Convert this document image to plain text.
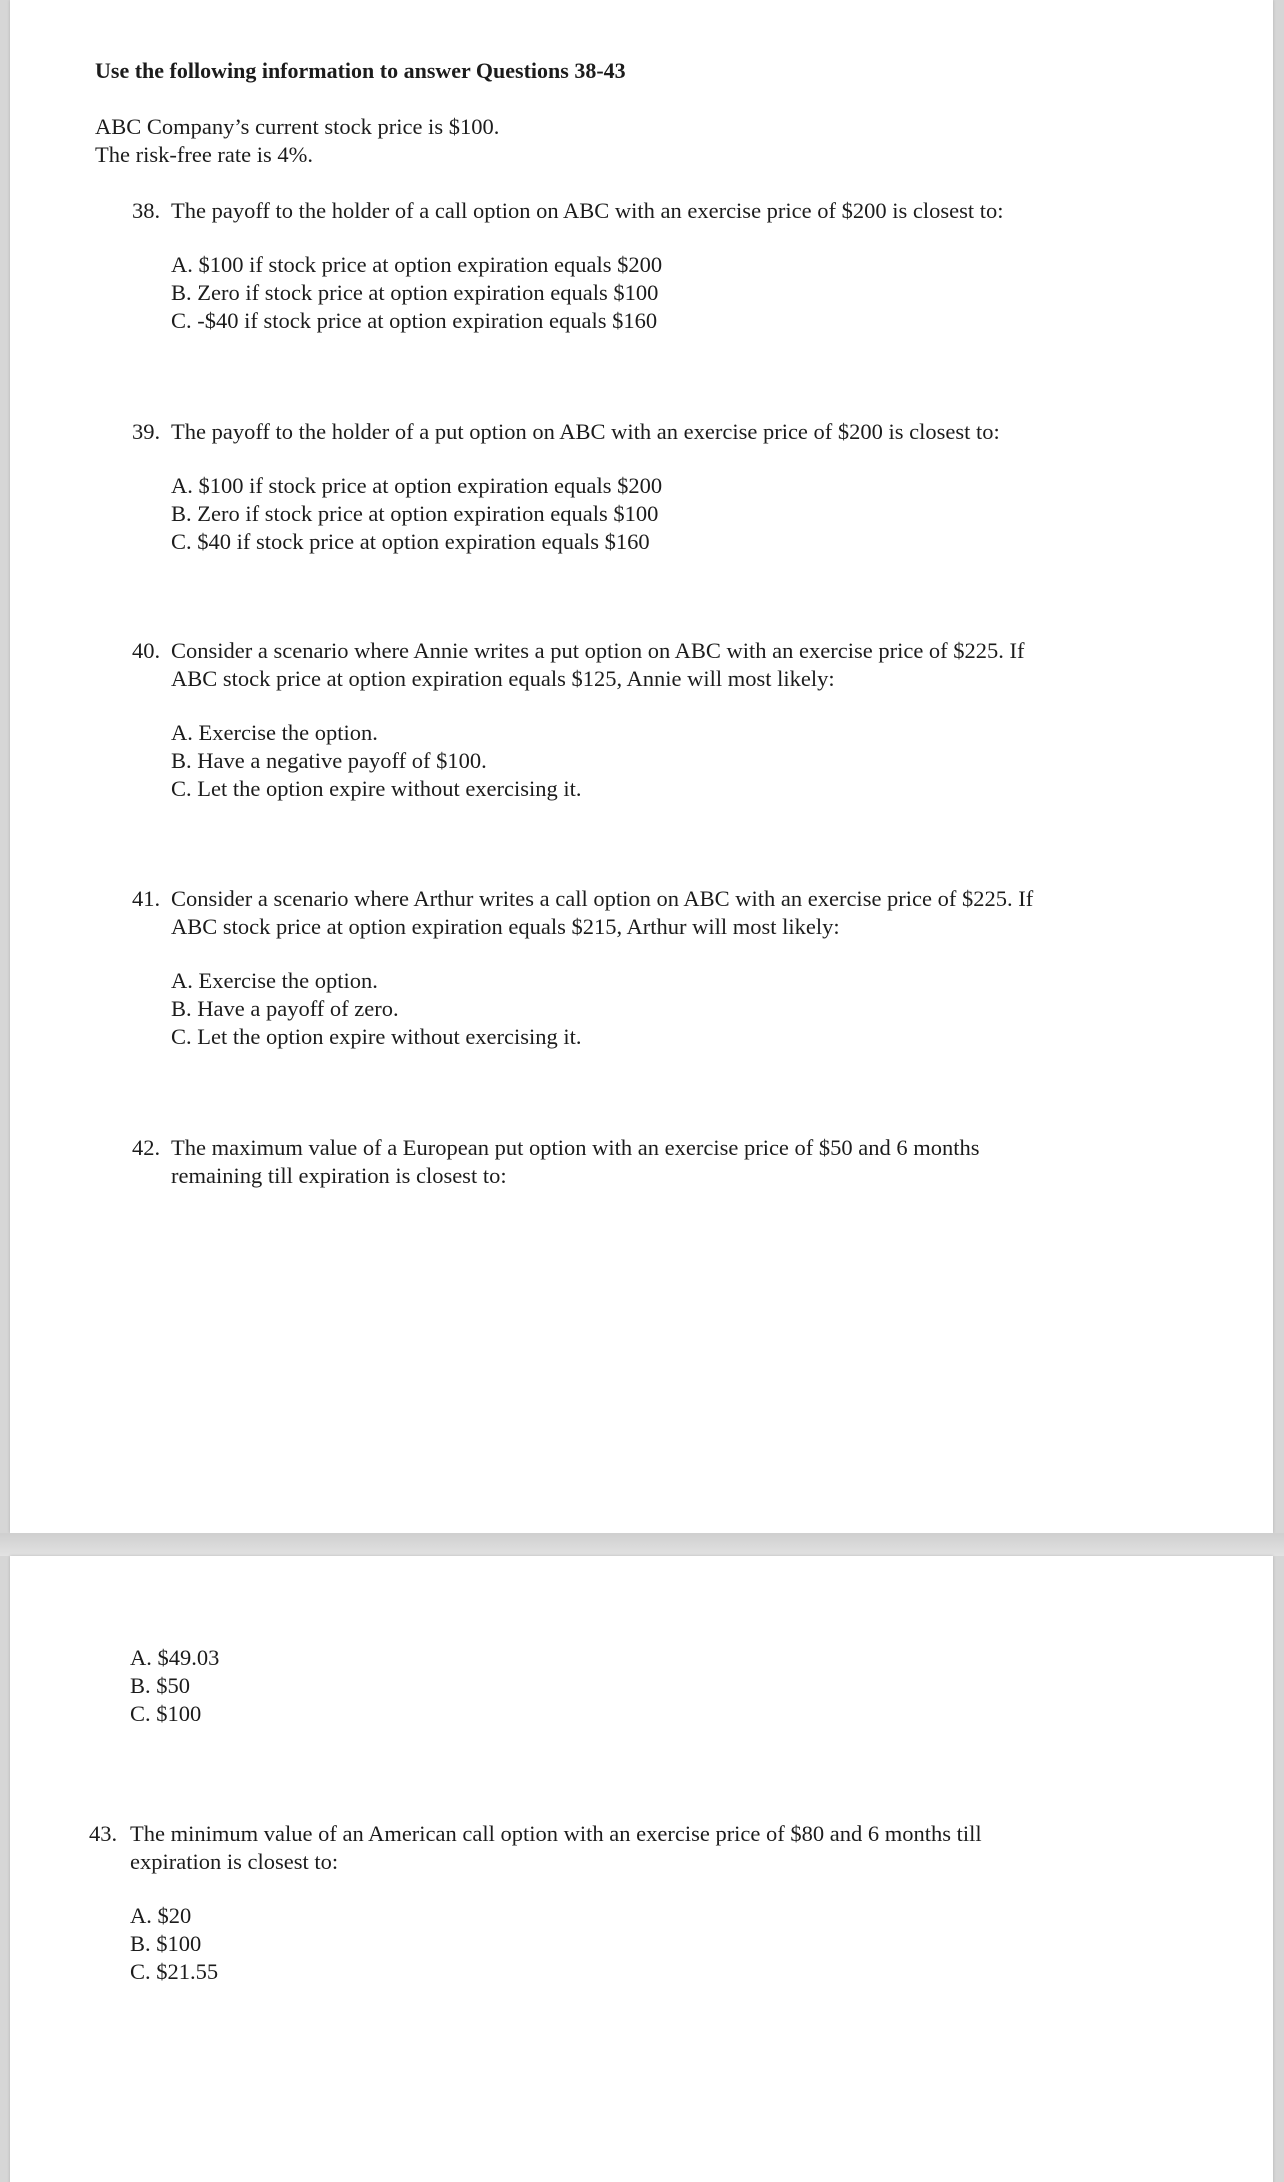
Use the following information to answer Questions 38-43
ABC Company’s current stock price is $100.
The risk-free rate is 4%.
38. The payoff to the holder of a call option on ABC with an exercise price of $200 is closest to:
A. $100 if stock price at option expiration equals $200
B. Zero if stock price at option expiration equals $100
C. -$40 if stock price at option expiration equals $160
39. The payoff to the holder of a put option on ABC with an exercise price of $200 is closest to:
A. $100 if stock price at option expiration equals $200
B. Zero if stock price at option expiration equals $100
C. $40 if stock price at option expiration equals $160
40. Consider a scenario where Annie writes a put option on ABC with an exercise price of $225. If
ABC stock price at option expiration equals $125, Annie will most likely:
A. Exercise the option.
B. Have a negative payoff of $100.
C. Let the option expire without exercising it.
41. Consider a scenario where Arthur writes a call option on ABC with an exercise price of $225. If
ABC stock price at option expiration equals $215, Arthur will most likely:
A. Exercise the option.
B. Have a payoff of zero.
C. Let the option expire without exercising it.
42. The maximum value of a European put option with an exercise price of $50 and 6 months
remaining till expiration is closest to:
A. $49.03
B. $50
C. $100
43. The minimum value of an American call option with an exercise price of $80 and 6 months till
expiration is closest to:
A. $20
B. $100
C. $21.55
